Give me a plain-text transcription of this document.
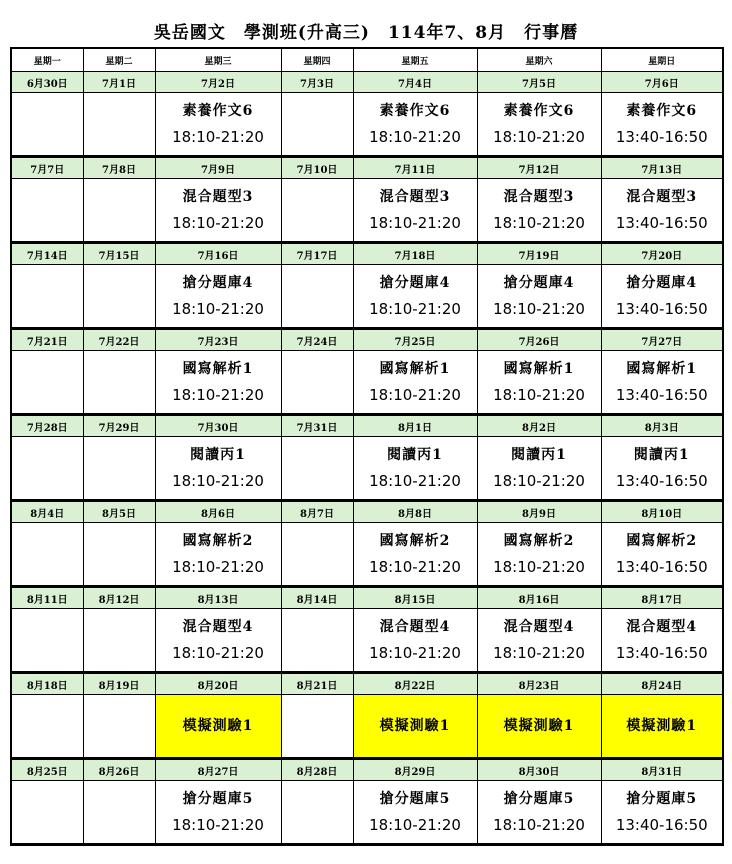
吳岳國文　學測班(升高三)　114年7、8月　行事曆
星期一	星期二	星期三	星期四	星期五	星期六	星期日
6月30日	7月1日	7月2日	7月3日	7月4日	7月5日	7月6日

		素養作文6
18:10-21:20		素養作文6
18:10-21:20	素養作文6
18:10-21:20	素養作文6
13:40-16:50

7月7日	7月8日	7月9日	7月10日	7月11日	7月12日	7月13日

		混合題型3
18:10-21:20		混合題型3
18:10-21:20	混合題型3
18:10-21:20	混合題型3
13:40-16:50

7月14日	7月15日	7月16日	7月17日	7月18日	7月19日	7月20日

		搶分題庫4
18:10-21:20		搶分題庫4
18:10-21:20	搶分題庫4
18:10-21:20	搶分題庫4
13:40-16:50

7月21日	7月22日	7月23日	7月24日	7月25日	7月26日	7月27日

		國寫解析1
18:10-21:20		國寫解析1
18:10-21:20	國寫解析1
18:10-21:20	國寫解析1
13:40-16:50

7月28日	7月29日	7月30日	7月31日	8月1日	8月2日	8月3日

		閱讀丙1
18:10-21:20		閱讀丙1
18:10-21:20	閱讀丙1
18:10-21:20	閱讀丙1
13:40-16:50

8月4日	8月5日	8月6日	8月7日	8月8日	8月9日	8月10日

		國寫解析2
18:10-21:20		國寫解析2
18:10-21:20	國寫解析2
18:10-21:20	國寫解析2
13:40-16:50

8月11日	8月12日	8月13日	8月14日	8月15日	8月16日	8月17日

		混合題型4
18:10-21:20		混合題型4
18:10-21:20	混合題型4
18:10-21:20	混合題型4
13:40-16:50

8月18日	8月19日	8月20日	8月21日	8月22日	8月23日	8月24日

		模擬測驗1		模擬測驗1	模擬測驗1	模擬測驗1

8月25日	8月26日	8月27日	8月28日	8月29日	8月30日	8月31日

		搶分題庫5
18:10-21:20		搶分題庫5
18:10-21:20	搶分題庫5
18:10-21:20	搶分題庫5
13:40-16:50
